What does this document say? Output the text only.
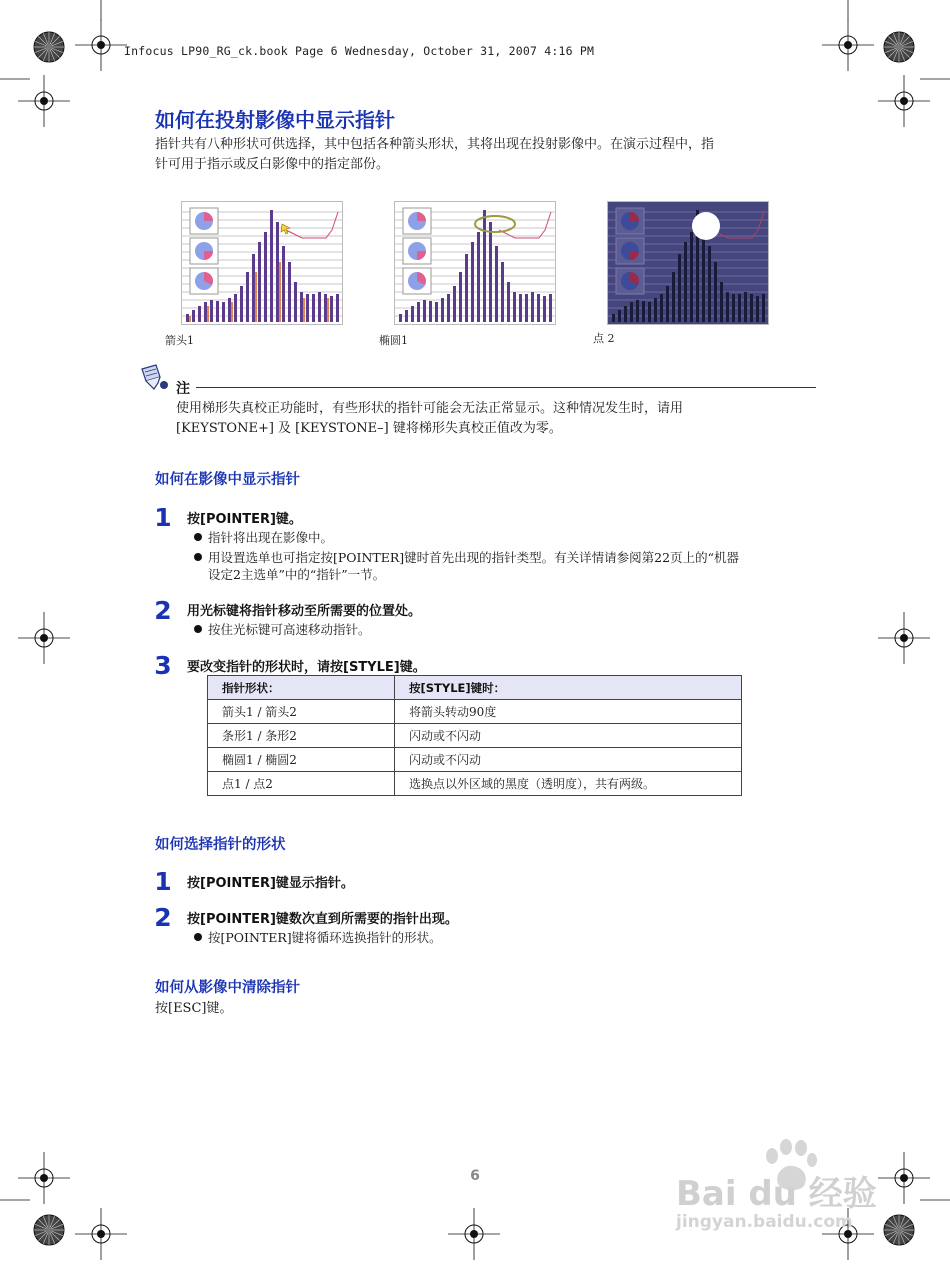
Infocus LP90_RG_ck.book Page 6 Wednesday, October 31, 2007 4:16 PM
如何在投射影像中显示指针
指针共有八种形状可供选择，其中包括各种箭头形状，其将出现在投射影像中。在演示过程中，指
针可用于指示或反白影像中的指定部份。
箭头1	椭圆1	点 2
注
使用梯形失真校正功能时，有些形状的指针可能会无法正常显示。这种情况发生时，请用
[KEYSTONE+] 及 [KEYSTONE–] 键将梯形失真校正值改为零。
如何在影像中显示指针
1 按[POINTER]键。
指针将出现在影像中。
用设置选单也可指定按[POINTER]键时首先出现的指针类型。有关详情请参阅第22页上的“机器
设定2主选单”中的“指针”一节。
2 用光标键将指针移动至所需要的位置处。
按住光标键可高速移动指针。
3 要改变指针的形状时，请按[STYLE]键。
指针形状：	按[STYLE]键时：
箭头1 / 箭头2	将箭头转动90度
条形1 / 条形2	闪动或不闪动
椭圆1 / 椭圆2	闪动或不闪动
点1 / 点2	选换点以外区域的黑度（透明度），共有两级。
如何选择指针的形状
1 按[POINTER]键显示指针。
2 按[POINTER]键数次直到所需要的指针出现。
按[POINTER]键将循环选换指针的形状。
如何从影像中清除指针
按[ESC]键。
6	Bai du 经验
jingyan.baidu.com
